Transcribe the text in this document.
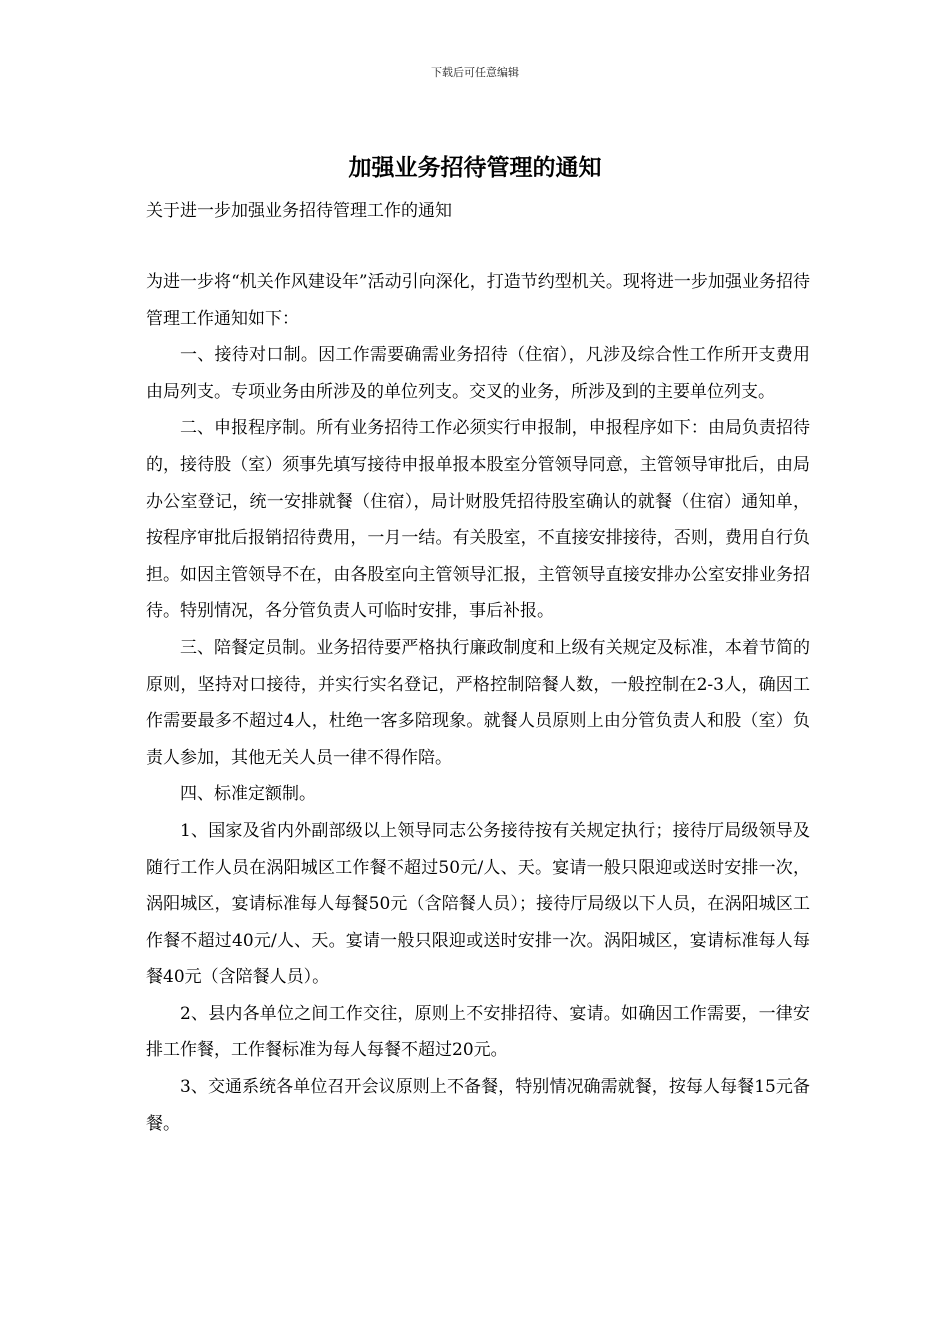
下载后可任意编辑
加强业务招待管理的通知

关于进一步加强业务招待管理工作的通知

为进一步将“机关作风建设年”活动引向深化，打造节约型机关。现将进一步加强业务招待管理工作通知如下：

一、接待对口制。因工作需要确需业务招待（住宿），凡涉及综合性工作所开支费用由局列支。专项业务由所涉及的单位列支。交叉的业务，所涉及到的主要单位列支。

二、申报程序制。所有业务招待工作必须实行申报制，申报程序如下：由局负责招待的，接待股（室）须事先填写接待申报单报本股室分管领导同意，主管领导审批后，由局办公室登记，统一安排就餐（住宿），局计财股凭招待股室确认的就餐（住宿）通知单，按程序审批后报销招待费用，一月一结。有关股室，不直接安排接待，否则，费用自行负担。如因主管领导不在，由各股室向主管领导汇报，主管领导直接安排办公室安排业务招待。特别情况，各分管负责人可临时安排，事后补报。

三、陪餐定员制。业务招待要严格执行廉政制度和上级有关规定及标准，本着节简的原则，坚持对口接待，并实行实名登记，严格控制陪餐人数，一般控制在2-3人，确因工作需要最多不超过4人，杜绝一客多陪现象。就餐人员原则上由分管负责人和股（室）负责人参加，其他无关人员一律不得作陪。

四、标准定额制。

1、国家及省内外副部级以上领导同志公务接待按有关规定执行；接待厅局级领导及随行工作人员在涡阳城区工作餐不超过50元/人、天。宴请一般只限迎或送时安排一次，涡阳城区，宴请标准每人每餐50元（含陪餐人员）；接待厅局级以下人员，在涡阳城区工作餐不超过40元/人、天。宴请一般只限迎或送时安排一次。涡阳城区，宴请标准每人每餐40元（含陪餐人员）。

2、县内各单位之间工作交往，原则上不安排招待、宴请。如确因工作需要，一律安排工作餐，工作餐标准为每人每餐不超过20元。

3、交通系统各单位召开会议原则上不备餐，特别情况确需就餐，按每人每餐15元备餐。
